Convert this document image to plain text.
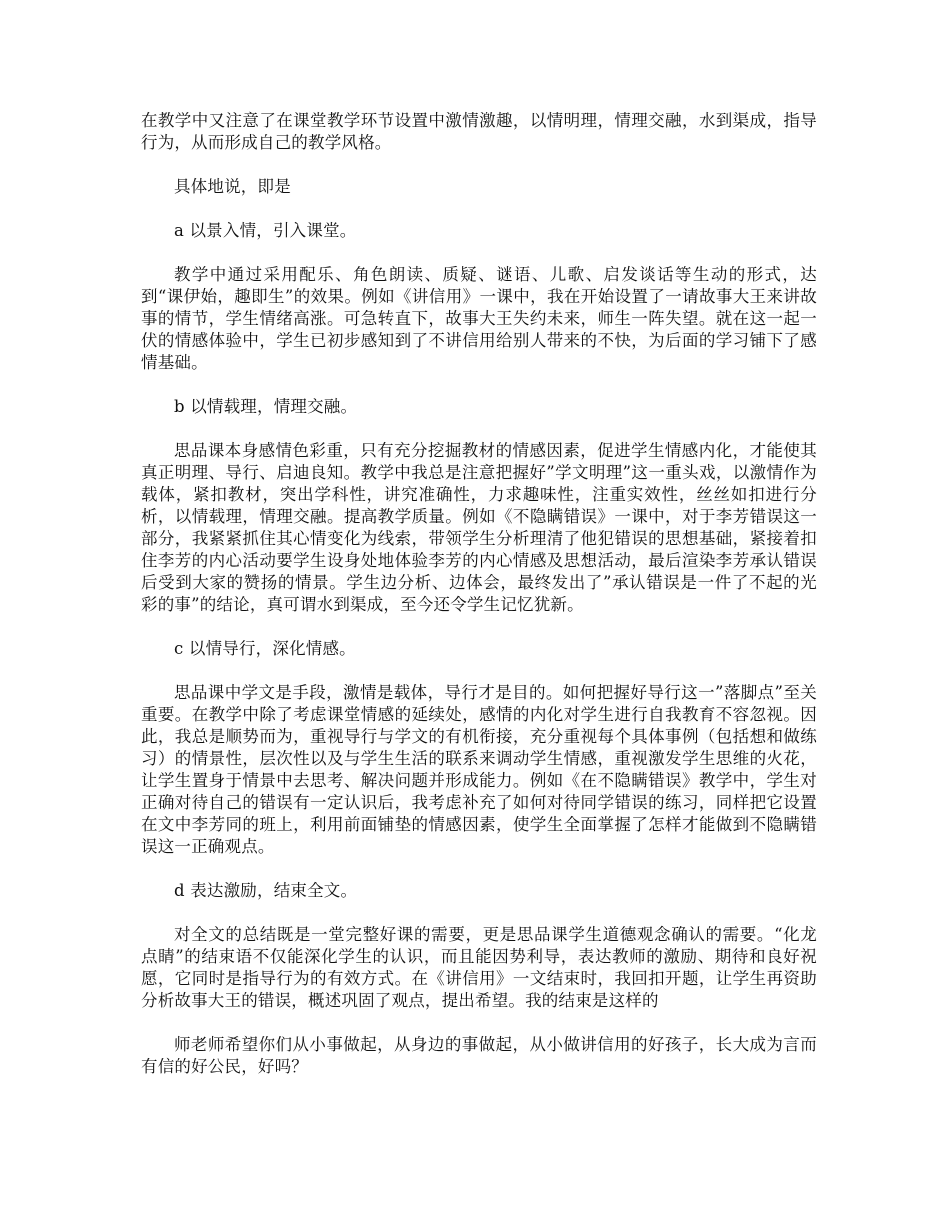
在教学中又注意了在课堂教学环节设置中激情激趣，以情明理，情理交融，水到渠成，指导行为，从而形成自己的教学风格。

具体地说，即是

a 以景入情，引入课堂。

教学中通过采用配乐、角色朗读、质疑、谜语、儿歌、启发谈话等生动的形式，达到“课伊始，趣即生”的效果。例如《讲信用》一课中，我在开始设置了一请故事大王来讲故事的情节，学生情绪高涨。可急转直下，故事大王失约未来，师生一阵失望。就在这一起一伏的情感体验中，学生已初步感知到了不讲信用给别人带来的不快，为后面的学习铺下了感情基础。

b 以情载理，情理交融。

思品课本身感情色彩重，只有充分挖掘教材的情感因素，促进学生情感内化，才能使其真正明理、导行、启迪良知。教学中我总是注意把握好”学文明理”这一重头戏，以激情作为载体，紧扣教材，突出学科性，讲究准确性，力求趣味性，注重实效性，丝丝如扣进行分析，以情载理，情理交融。提高教学质量。例如《不隐瞒错误》一课中，对于李芳错误这一部分，我紧紧抓住其心情变化为线索，带领学生分析理清了他犯错误的思想基础，紧接着扣住李芳的内心活动要学生设身处地体验李芳的内心情感及思想活动，最后渲染李芳承认错误后受到大家的赞扬的情景。学生边分析、边体会，最终发出了”承认错误是一件了不起的光彩的事”的结论，真可谓水到渠成，至今还令学生记忆犹新。

c 以情导行，深化情感。

思品课中学文是手段，激情是载体，导行才是目的。如何把握好导行这一”落脚点”至关重要。在教学中除了考虑课堂情感的延续处，感情的内化对学生进行自我教育不容忽视。因此，我总是顺势而为，重视导行与学文的有机衔接，充分重视每个具体事例（包括想和做练习）的情景性，层次性以及与学生生活的联系来调动学生情感，重视激发学生思维的火花，让学生置身于情景中去思考、解决问题并形成能力。例如《在不隐瞒错误》教学中，学生对正确对待自己的错误有一定认识后，我考虑补充了如何对待同学错误的练习，同样把它设置在文中李芳同的班上，利用前面铺垫的情感因素，使学生全面掌握了怎样才能做到不隐瞒错误这一正确观点。

d 表达激励，结束全文。

对全文的总结既是一堂完整好课的需要，更是思品课学生道德观念确认的需要。“化龙点睛”的结束语不仅能深化学生的认识，而且能因势利导，表达教师的激励、期待和良好祝愿，它同时是指导行为的有效方式。在《讲信用》一文结束时，我回扣开题，让学生再资助分析故事大王的错误，概述巩固了观点，提出希望。我的结束是这样的

师老师希望你们从小事做起，从身边的事做起，从小做讲信用的好孩子，长大成为言而有信的好公民，好吗？
